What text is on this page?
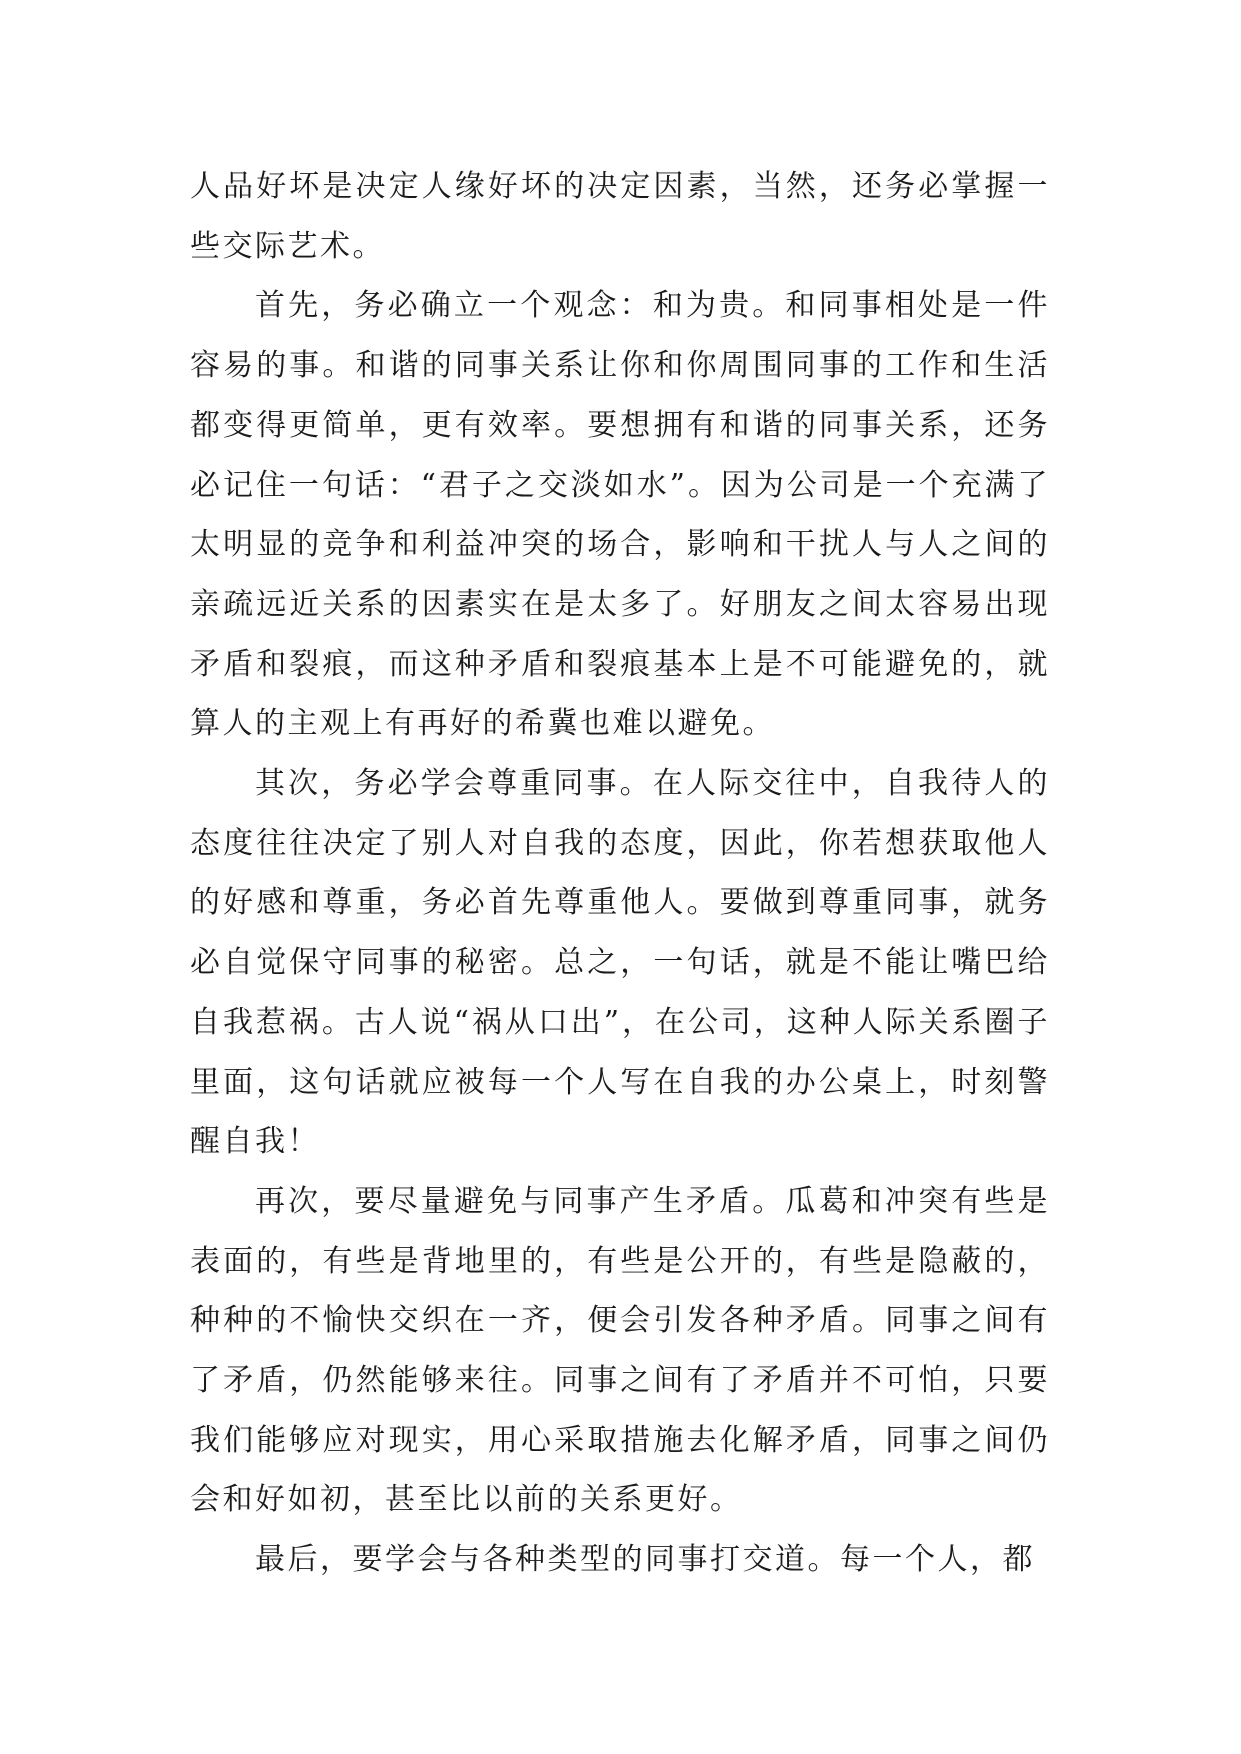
人品好坏是决定人缘好坏的决定因素，当然，还务必掌握一些交际艺术。

首先，务必确立一个观念：和为贵。和同事相处是一件容易的事。和谐的同事关系让你和你周围同事的工作和生活都变得更简单，更有效率。要想拥有和谐的同事关系，还务必记住一句话：“君子之交淡如水”。因为公司是一个充满了太明显的竞争和利益冲突的场合，影响和干扰人与人之间的亲疏远近关系的因素实在是太多了。好朋友之间太容易出现矛盾和裂痕，而这种矛盾和裂痕基本上是不可能避免的，就算人的主观上有再好的希冀也难以避免。

其次，务必学会尊重同事。在人际交往中，自我待人的态度往往决定了别人对自我的态度，因此，你若想获取他人的好感和尊重，务必首先尊重他人。要做到尊重同事，就务必自觉保守同事的秘密。总之，一句话，就是不能让嘴巴给自我惹祸。古人说“祸从口出”，在公司，这种人际关系圈子里面，这句话就应被每一个人写在自我的办公桌上，时刻警醒自我！

再次，要尽量避免与同事产生矛盾。瓜葛和冲突有些是表面的，有些是背地里的，有些是公开的，有些是隐蔽的，种种的不愉快交织在一齐，便会引发各种矛盾。同事之间有了矛盾，仍然能够来往。同事之间有了矛盾并不可怕，只要我们能够应对现实，用心采取措施去化解矛盾，同事之间仍会和好如初，甚至比以前的关系更好。

最后，要学会与各种类型的同事打交道。每一个人，都
